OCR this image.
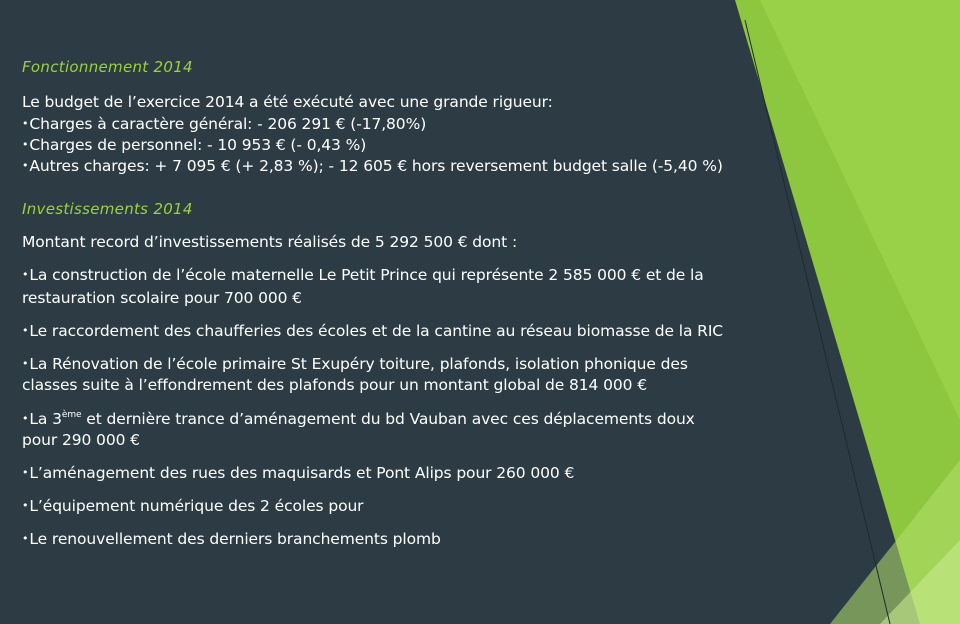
Fonctionnement 2014
Le budget de l’exercice 2014 a été exécuté avec une grande rigueur:
•Charges à caractère général: - 206 291 € (-17,80%)
•Charges de personnel: - 10 953 € (- 0,43 %)
•Autres charges: + 7 095 € (+ 2,83 %); - 12 605 € hors reversement budget salle (-5,40 %)
Investissements 2014
Montant record d’investissements réalisés de 5 292 500 € dont :
•La construction de l’école maternelle Le Petit Prince qui représente 2 585 000 € et de la
restauration scolaire pour 700 000 €
•Le raccordement des chaufferies des écoles et de la cantine au réseau biomasse de la RIC
•La Rénovation de l’école primaire St Exupéry toiture, plafonds, isolation phonique des
classes suite à l’effondrement des plafonds pour un montant global de 814 000 €
•La 3ème et dernière trance d’aménagement du bd Vauban avec ces déplacements doux
pour 290 000 €
•L’aménagement des rues des maquisards et Pont Alips pour 260 000 €
•L’équipement numérique des 2 écoles pour
•Le renouvellement des derniers branchements plomb
